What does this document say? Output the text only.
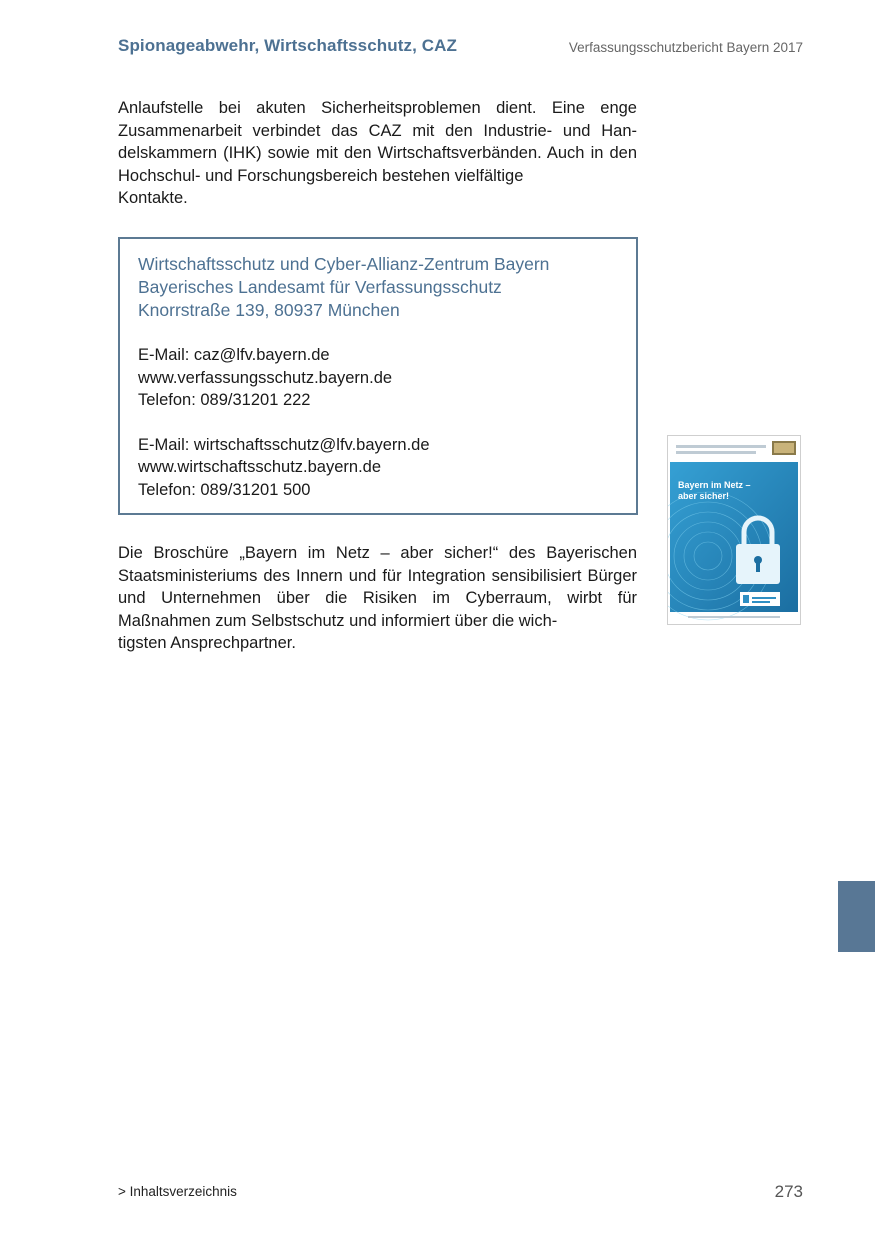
Spionageabwehr, Wirtschaftsschutz, CAZ	Verfassungsschutzbericht Bayern 2017

Anlaufstelle bei akuten Sicherheitsproblemen dient. Eine enge Zusammenarbeit verbindet das CAZ mit den Industrie- und Han- delskammern (IHK) sowie mit den Wirtschaftsverbänden. Auch in den Hochschul- und Forschungsbereich bestehen vielfältige
Kontakte.

Wirtschaftsschutz und Cyber-Allianz-Zentrum Bayern
Bayerisches Landesamt für Verfassungsschutz
Knorrstraße 139, 80937 München
E-Mail: caz@lfv.bayern.de
www.verfassungsschutz.bayern.de
Telefon: 089/31201 222
E-Mail: wirtschaftsschutz@lfv.bayern.de
www.wirtschaftsschutz.bayern.de
Telefon: 089/31201 500	Bayern im Netz –
aber sicher!

Die Broschüre „Bayern im Netz – aber sicher!“ des Bayerischen Staatsministeriums des Innern und für Integration sensibilisiert Bürger und Unternehmen über die Risiken im Cyberraum, wirbt für Maßnahmen zum Selbstschutz und informiert über die wich-
tigsten Ansprechpartner.

> Inhaltsverzeichnis	273
